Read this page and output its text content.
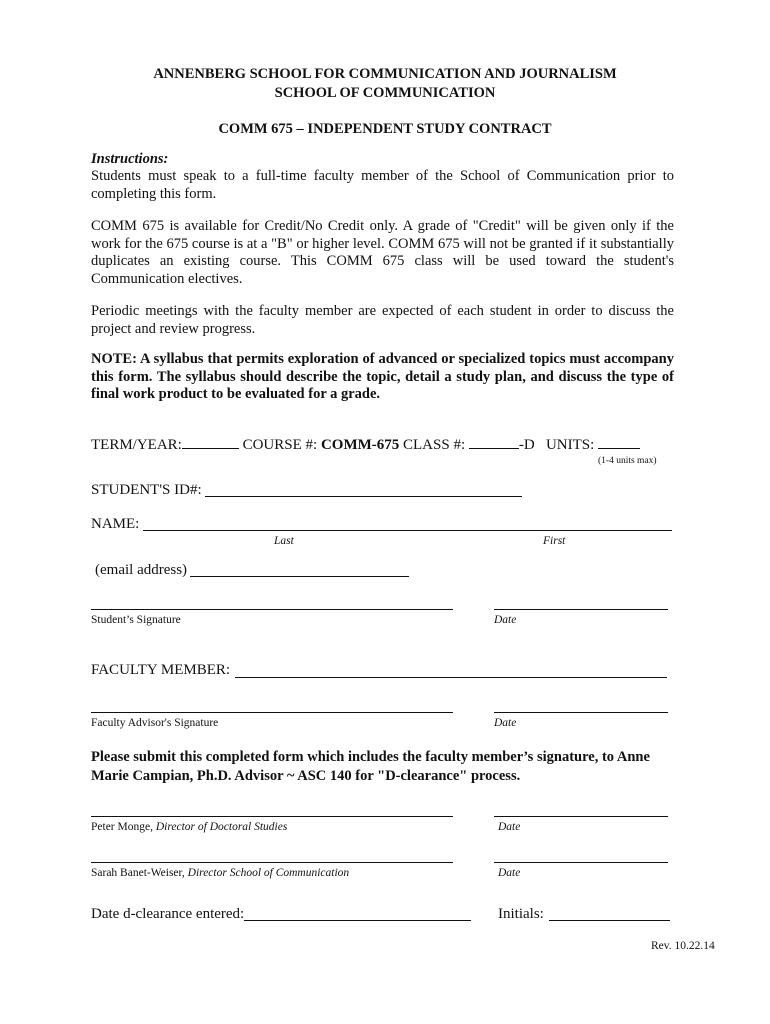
ANNENBERG SCHOOL FOR COMMUNICATION AND JOURNALISM
SCHOOL OF COMMUNICATION
COMM 675 – INDEPENDENT STUDY CONTRACT
Instructions:
Students must speak to a full-time faculty member of the School of Communication prior to completing this form.
COMM 675 is available for Credit/No Credit only. A grade of "Credit" will be given only if the work for the 675 course is at a "B" or higher level. COMM 675 will not be granted if it substantially duplicates an existing course. This COMM 675 class will be used toward the student's Communication electives.
Periodic meetings with the faculty member are expected of each student in order to discuss the project and review progress.
NOTE: A syllabus that permits exploration of advanced or specialized topics must accompany this form. The syllabus should describe the topic, detail a study plan, and discuss the type of final work product to be evaluated for a grade.
TERM/YEAR:	COURSE #: COMM-675 CLASS #:	-D UNITS:
(1-4 units max)
STUDENT'S ID#:
NAME:
Last	First
(email address)
Student’s Signature	Date
FACULTY MEMBER:
Faculty Advisor's Signature	Date
Please submit this completed form which includes the faculty member’s signature, to Anne Marie Campian, Ph.D. Advisor ~ ASC 140 for "D-clearance" process.
Peter Monge, Director of Doctoral Studies	Date
Sarah Banet-Weiser, Director School of Communication	Date
Date d-clearance entered:	Initials:
Rev. 10.22.14
